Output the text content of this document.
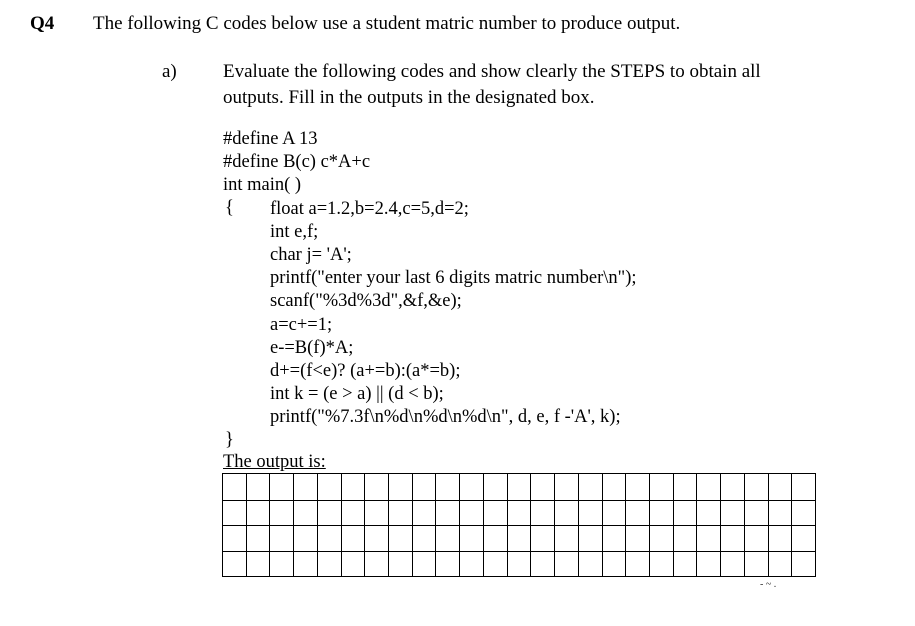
Q4 The following C codes below use a student matric number to produce output.
a) Evaluate the following codes and show clearly the STEPS to obtain all
outputs. Fill in the outputs in the designated box.
#define A 13
#define B(c) c*A+c
int main( )
{ float a=1.2,b=2.4,c=5,d=2;
int e,f;
char j= 'A';
printf("enter your last 6 digits matric number\n");
scanf("%3d%3d",&f,&e);
a=c+=1;
e-=B(f)*A;
d+=(f<e)? (a+=b):(a*=b);
int k = (e > a) || (d < b);
printf("%7.3f\n%d\n%d\n%d\n", d, e, f -'A', k);
}
The output is:

- ~ .
